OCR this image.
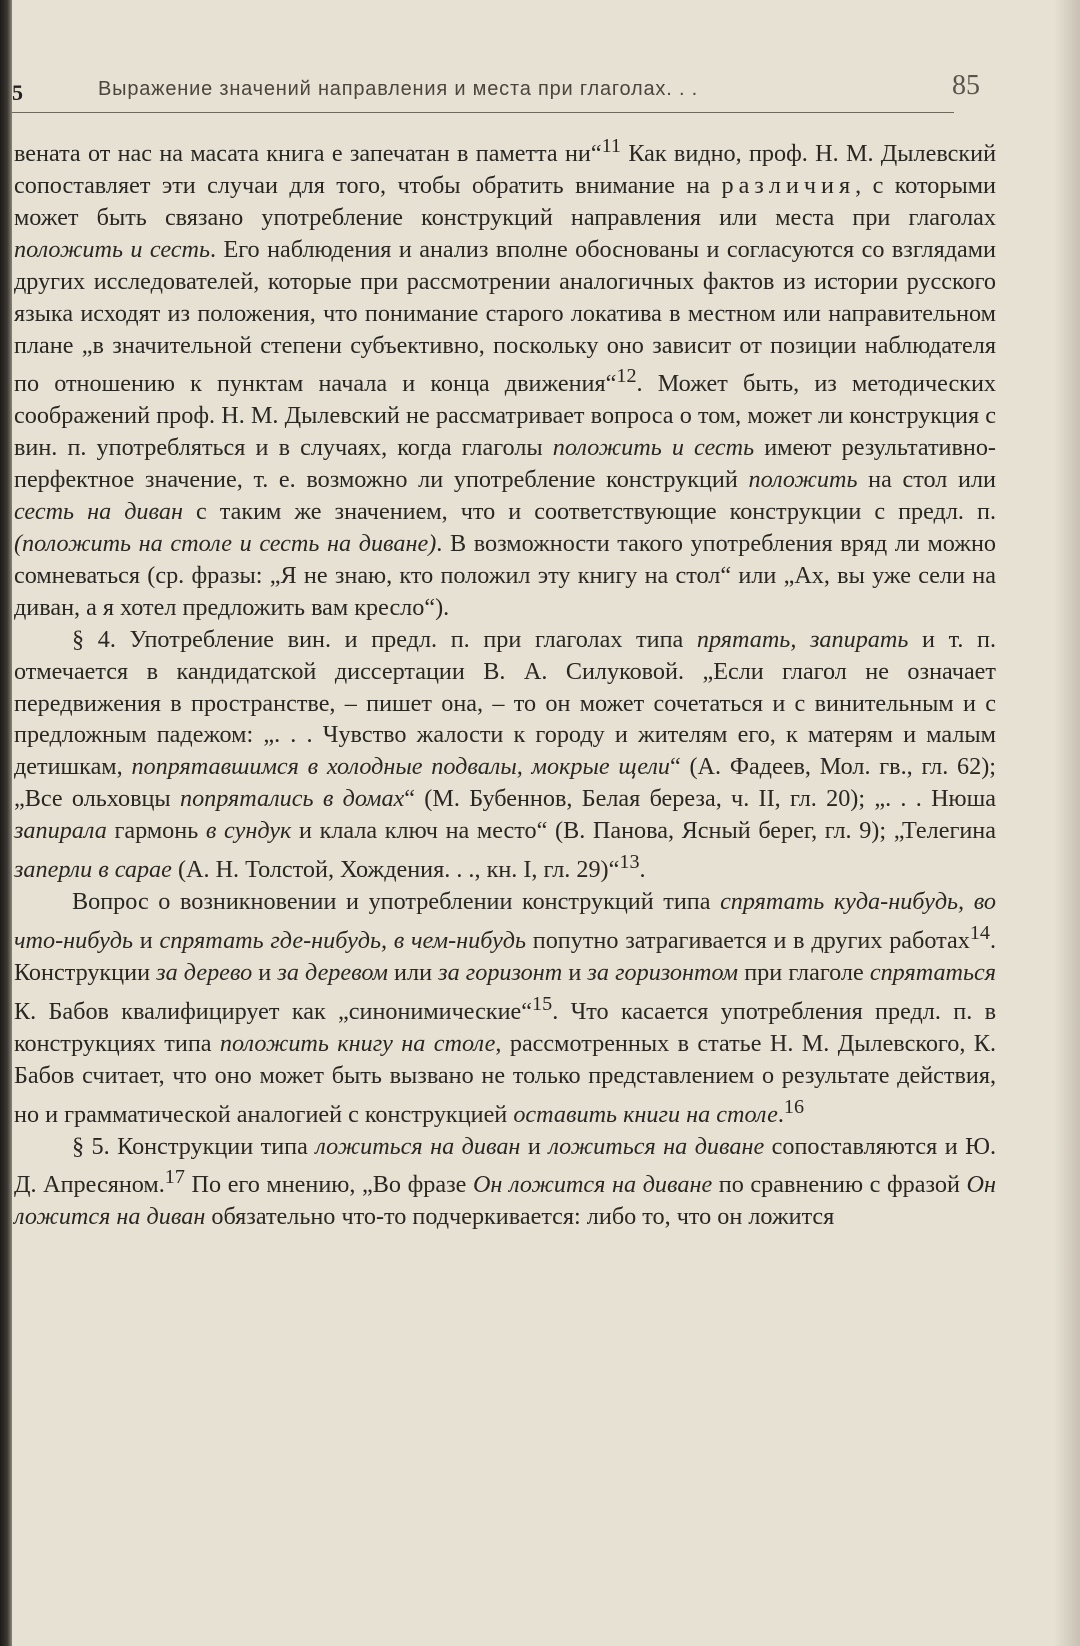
5	Выражение значений направления и места при глаголах. . .	85

вената от нас на масата книга е запечатан в паметта ни“$^{11}$ Как видно, проф. Н. М. Дылевский сопоставляет эти случаи для того, чтобы обратить внимание на различия, с которыми может быть связано употребление конструкций направления или места при глаголах положить и сесть. Его наблюдения и анализ вполне обоснованы и согласуются со взглядами других исследователей, которые при рассмотрении аналогичных фактов из истории русского языка исходят из положения, что понимание старого локатива в местном или направительном плане „в значительной степени субъективно, поскольку оно зависит от позиции наблюдателя по отношению к пунктам начала и конца движения“$^{12}$. Может быть, из методических соображений проф. Н. М. Дылевский не рассматривает вопроса о том, может ли конструкция с вин. п. употребляться и в случаях, когда глаголы положить и сесть имеют результативно-перфектное значение, т. е. возможно ли употребление конструкций положить на стол или сесть на диван с таким же значением, что и соответствующие конструкции с предл. п. (положить на столе и сесть на диване). В возможности такого употребления вряд ли можно сомневаться (ср. фразы: „Я не знаю, кто положил эту книгу на стол“ или „Ах, вы уже сели на диван, а я хотел предложить вам кресло“).

§ 4. Употребление вин. и предл. п. при глаголах типа прятать, запирать и т. п. отмечается в кандидатской диссертации В. А. Силуковой. „Если глагол не означает передвижения в пространстве, – пишет она, – то он может сочетаться и с винительным и с предложным падежом: „. . . Чувство жалости к городу и жителям его, к матерям и малым детишкам, попрятавшимся в холодные подвалы, мокрые щели“ (А. Фадеев, Мол. гв., гл. 62); „Все ольховцы попрятались в домах“ (М. Бубеннов, Белая береза, ч. II, гл. 20); „. . . Нюша запирала гармонь в сундук и клала ключ на место“ (В. Панова, Ясный берег, гл. 9); „Телегина заперли в сарае (А. Н. Толстой, Хождения. . ., кн. I, гл. 29)“$^{13}$.

Вопрос о возникновении и употреблении конструкций типа спрятать куда-нибудь, во что-нибудь и спрятать где-нибудь, в чем-нибудь попутно затрагивается и в других работах$^{14}$. Конструкции за дерево и за деревом или за горизонт и за горизонтом при глаголе спрятаться К. Бабов квалифицирует как „синонимические“$^{15}$. Что касается употребления предл. п. в конструкциях типа положить книгу на столе, рассмотренных в статье Н. М. Дылевского, К. Бабов считает, что оно может быть вызвано не только представлением о результате действия, но и грамматической аналогией с конструкцией оставить книги на столе.$^{16}$

§ 5. Конструкции типа ложиться на диван и ложиться на диване сопоставляются и Ю. Д. Апресяном.$^{17}$ По его мнению, „Во фразе Он ложится на диване по сравнению с фразой Он ложится на диван обязательно что-то подчеркивается: либо то, что он ложится
